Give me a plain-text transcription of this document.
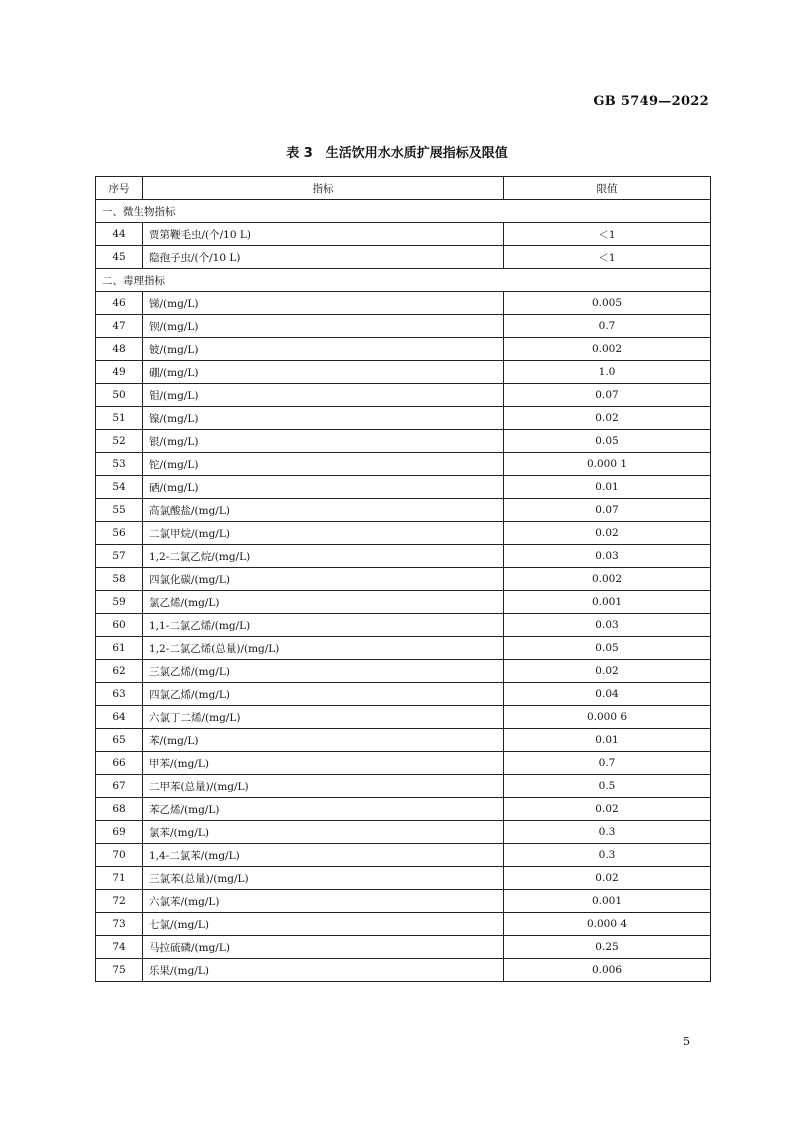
GB 5749—2022
表 3　生活饮用水水质扩展指标及限值
序号	指标	限值
一、微生物指标		
44	贾第鞭毛虫/(个/10 L)	＜1
45	隐孢子虫/(个/10 L)	＜1
二、毒理指标		
46	锑/(mg/L)	0.005
47	钡/(mg/L)	0.7
48	铍/(mg/L)	0.002
49	硼/(mg/L)	1.0
50	钼/(mg/L)	0.07
51	镍/(mg/L)	0.02
52	银/(mg/L)	0.05
53	铊/(mg/L)	0.000 1
54	硒/(mg/L)	0.01
55	高氯酸盐/(mg/L)	0.07
56	二氯甲烷/(mg/L)	0.02
57	1,2-二氯乙烷/(mg/L)	0.03
58	四氯化碳/(mg/L)	0.002
59	氯乙烯/(mg/L)	0.001
60	1,1-二氯乙烯/(mg/L)	0.03
61	1,2-二氯乙烯(总量)/(mg/L)	0.05
62	三氯乙烯/(mg/L)	0.02
63	四氯乙烯/(mg/L)	0.04
64	六氯丁二烯/(mg/L)	0.000 6
65	苯/(mg/L)	0.01
66	甲苯/(mg/L)	0.7
67	二甲苯(总量)/(mg/L)	0.5
68	苯乙烯/(mg/L)	0.02
69	氯苯/(mg/L)	0.3
70	1,4-二氯苯/(mg/L)	0.3
71	三氯苯(总量)/(mg/L)	0.02
72	六氯苯/(mg/L)	0.001
73	七氯/(mg/L)	0.000 4
74	马拉硫磷/(mg/L)	0.25
75	乐果/(mg/L)	0.006
5
